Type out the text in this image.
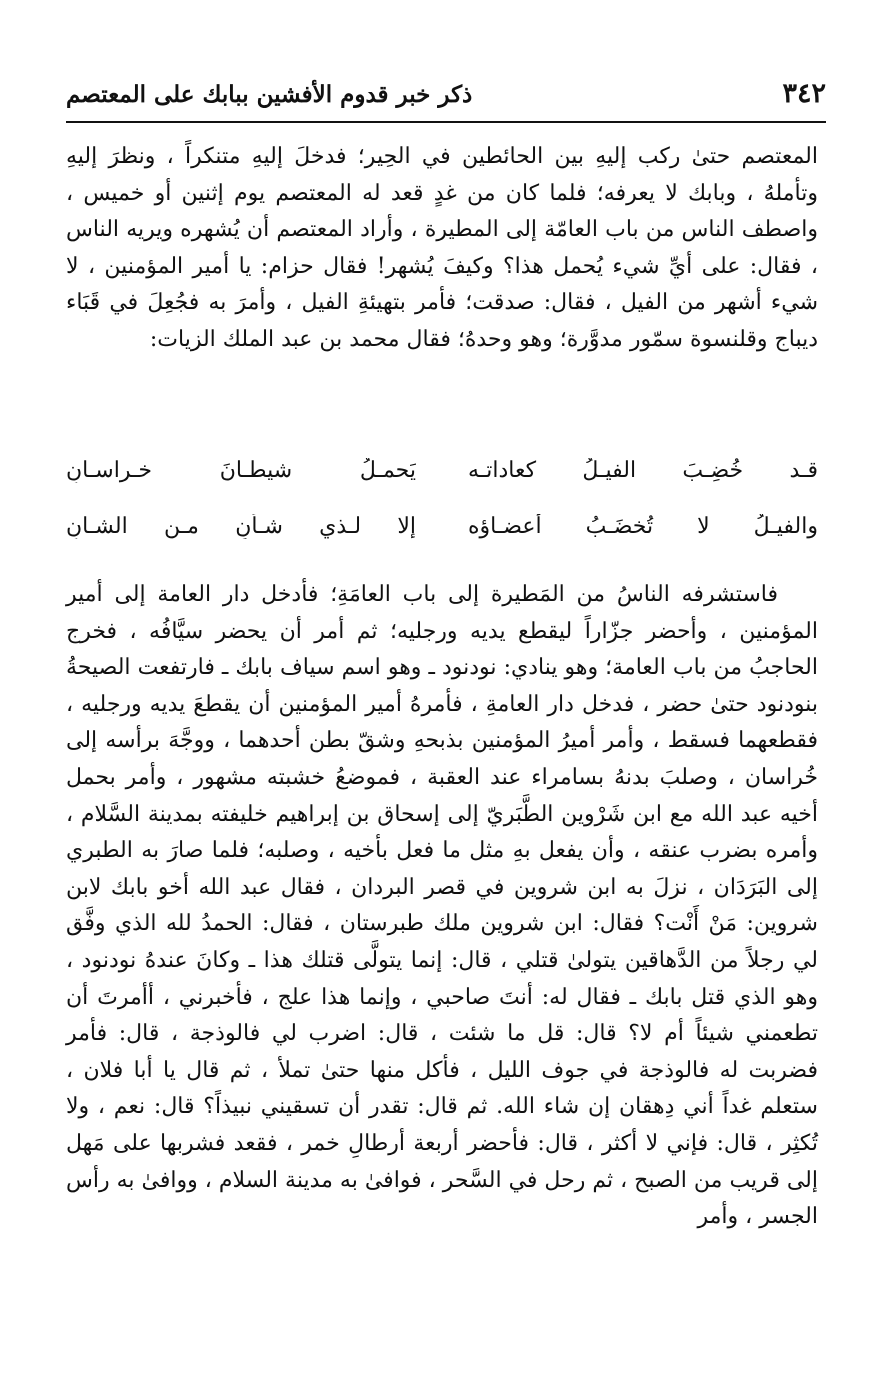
٣٤٢
ذكر خبر قدوم الأفشين ببابك على المعتصم

المعتصم حتىٰ ركب إليهِ بين الحائطين في الحِير؛ فدخلَ إليهِ متنكراً ، ونظرَ إليهِ وتأملهُ ، وبابك لا يعرفه؛ فلما كان من غدٍ قعد له المعتصم يوم إثنين أو خميس ، واصطف الناس من باب العامّة إلى المطيرة ، وأراد المعتصم أن يُشهره ويريه الناس ، فقال: على أيِّ شيء يُحمل هذا؟ وكيفَ يُشهر! فقال حزام: يا أمير المؤمنين ، لا شيء أشهر من الفيل ، فقال: صدقت؛ فأمر بتهيئةِ الفيل ، وأمرَ به فجُعِلَ في قَبَاء ديباج وقلنسوة سمّور مدوَّرة؛ وهو وحدهُ؛ فقال محمد بن عبد الملك الزيات:

قـد خُضِـبَ الفيـلُ كعاداتـه
يَحمـلُ شيطـانَ خـراسـانِ
والفيـلُ لا تُخضَـبُ أعضـاؤه
إلا لـذي شـأنٍ مـن الشـانِ

فاستشرفه الناسُ من المَطيرة إلى باب العامَةِ؛ فأدخل دار العامة إلى أمير المؤمنين ، وأحضر جزّاراً ليقطع يديه ورجليه؛ ثم أمر أن يحضر سيَّافُه ، فخرج الحاجبُ من باب العامة؛ وهو ينادي: نودنود ـ وهو اسم سياف بابك ـ فارتفعت الصيحةُ بنودنود حتىٰ حضر ، فدخل دار العامةِ ، فأمرهُ أمير المؤمنين أن يقطعَ يديه ورجليه ، فقطعهما فسقط ، وأمر أميرُ المؤمنين بذبحهِ وشقّ بطن أحدهما ، ووجَّهَ برأسه إلى خُراسان ، وصلبَ بدنهُ بسامراء عند العقبة ، فموضعُ خشبته مشهور ، وأمر بحمل أخيه عبد الله مع ابن شَرْوين الطَّبَريّ إلى إسحاق بن إبراهيم خليفته بمدينة السَّلام ، وأمره بضرب عنقه ، وأن يفعل بهِ مثل ما فعل بأخيه ، وصلبه؛ فلما صارَ به الطبري إلى البَرَدَان ، نزلَ به ابن شروين في قصر البردان ، فقال عبد الله أخو بابك لابن شروين: مَنْ أَنْت؟ فقال: ابن شروين ملك طبرستان ، فقال: الحمدُ لله الذي وفَّق لي رجلاً من الدَّهاقين يتولىٰ قتلي ، قال: إنما يتولَّى قتلك هذا ـ وكانَ عندهُ نودنود ، وهو الذي قتل بابك ـ فقال له: أنتَ صاحبي ، وإنما هذا علج ، فأخبرني ، أأمرتَ أن تطعمني شيئاً أم لا؟ قال: قل ما شئت ، قال: اضرب لي فالوذجة ، قال: فأمر فضربت له فالوذجة في جوف الليل ، فأكل منها حتىٰ تملأ ، ثم قال يا أبا فلان ، ستعلم غداً أني دِهقان إن شاء الله. ثم قال: تقدر أن تسقيني نبيذاً؟ قال: نعم ، ولا تُكثِر ، قال: فإني لا أكثر ، قال: فأحضر أربعة أرطالِ خمر ، فقعد فشربها على مَهل إلى قريب من الصبح ، ثم رحل في السَّحر ، فوافىٰ به مدينة السلام ، ووافىٰ به رأس الجسر ، وأمر
